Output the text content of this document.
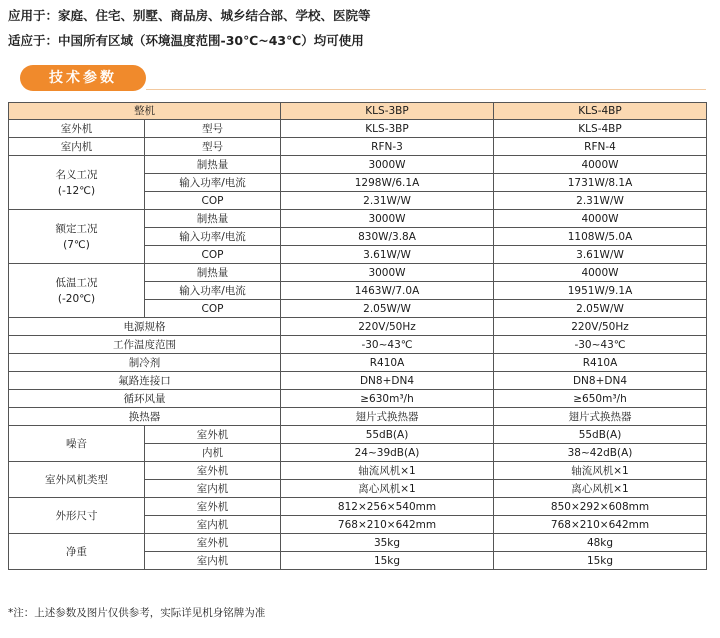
应用于：家庭、住宅、别墅、商品房、城乡结合部、学校、医院等
适应于：中国所有区域（环境温度范围-30℃~43℃）均可使用
技术参数
整机		KLS-3BP	KLS-4BP
室外机	型号	KLS-3BP	KLS-4BP
室内机	型号	RFN-3	RFN-4

名义工况
(-12℃)	制热量	3000W	4000W
	输入功率/电流	1298W/6.1A	1731W/8.1A
	COP	2.31W/W	2.31W/W

额定工况
(7℃)	制热量	3000W	4000W
	输入功率/电流	830W/3.8A	1108W/5.0A
	COP	3.61W/W	3.61W/W

低温工况
(-20℃)	制热量	3000W	4000W
	输入功率/电流	1463W/7.0A	1951W/9.1A
	COP	2.05W/W	2.05W/W
电源规格		220V/50Hz	220V/50Hz
工作温度范围		-30~43℃	-30~43℃
制冷剂		R410A	R410A
氟路连接口		DN8+DN4	DN8+DN4
循环风量		≥630m³/h	≥650m³/h
换热器		翅片式换热器	翅片式换热器
噪音	室外机	55dB(A)	55dB(A)
	内机	24~39dB(A)	38~42dB(A)
室外风机类型	室外机	轴流风机×1	轴流风机×1
	室内机	离心风机×1	离心风机×1
外形尺寸	室外机	812×256×540mm	850×292×608mm
	室内机	768×210×642mm	768×210×642mm
净重	室外机	35kg	48kg
	室内机	15kg	15kg
*注：上述参数及图片仅供参考，实际详见机身铭牌为准
